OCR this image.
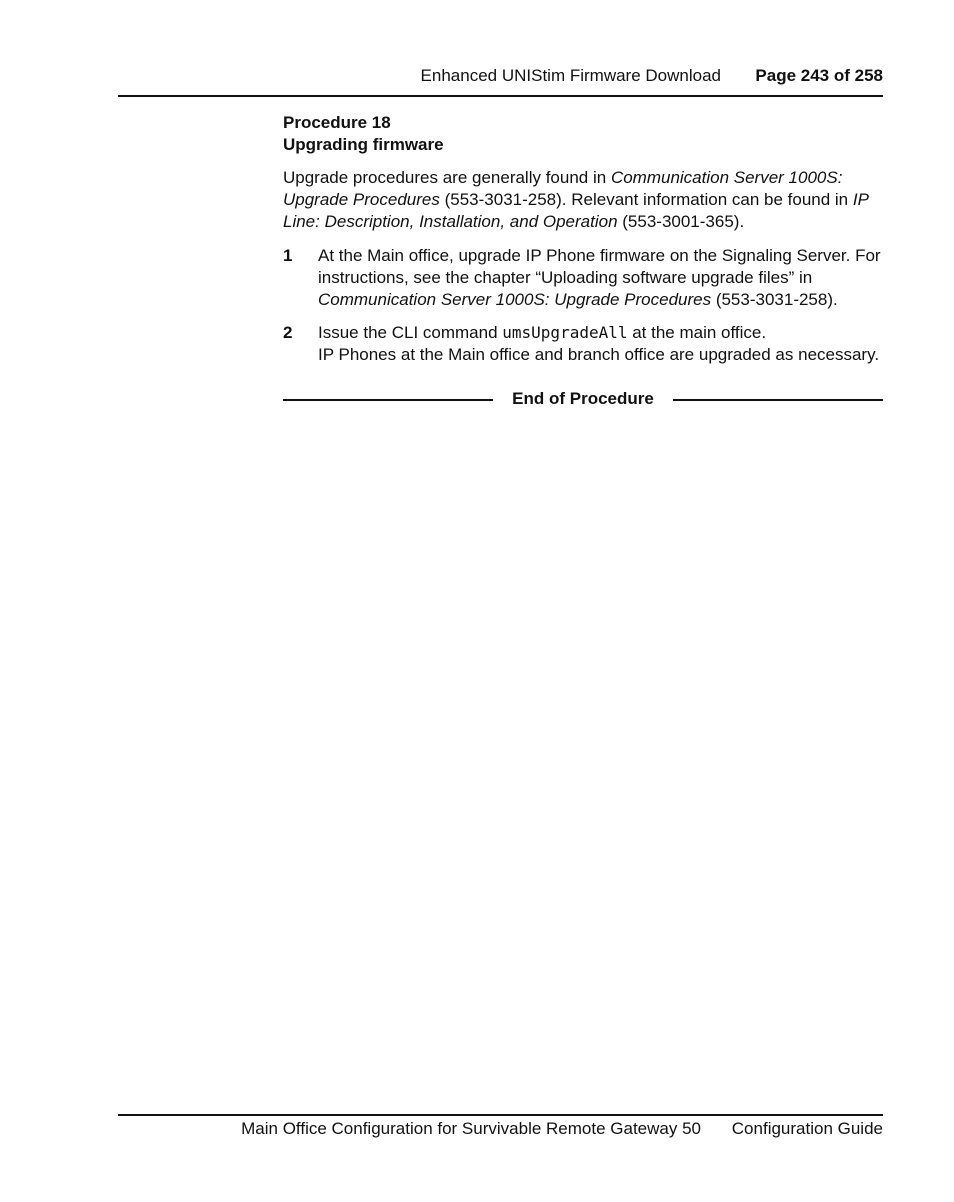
Enhanced UNIStim Firmware Download Page 243 of 258

Procedure 18
Upgrading firmware

Upgrade procedures are generally found in Communication Server 1000S: Upgrade Procedures (553-3031-258). Relevant information can be found in IP Line: Description, Installation, and Operation (553-3001-365).

1 At the Main office, upgrade IP Phone firmware on the Signaling Server. For instructions, see the chapter “Uploading software upgrade files” in Communication Server 1000S: Upgrade Procedures (553-3031-258).
2 Issue the CLI command umsUpgradeAll at the main office.
IP Phones at the Main office and branch office are upgraded as necessary.
End of Procedure
Main Office Configuration for Survivable Remote Gateway 50 Configuration Guide
